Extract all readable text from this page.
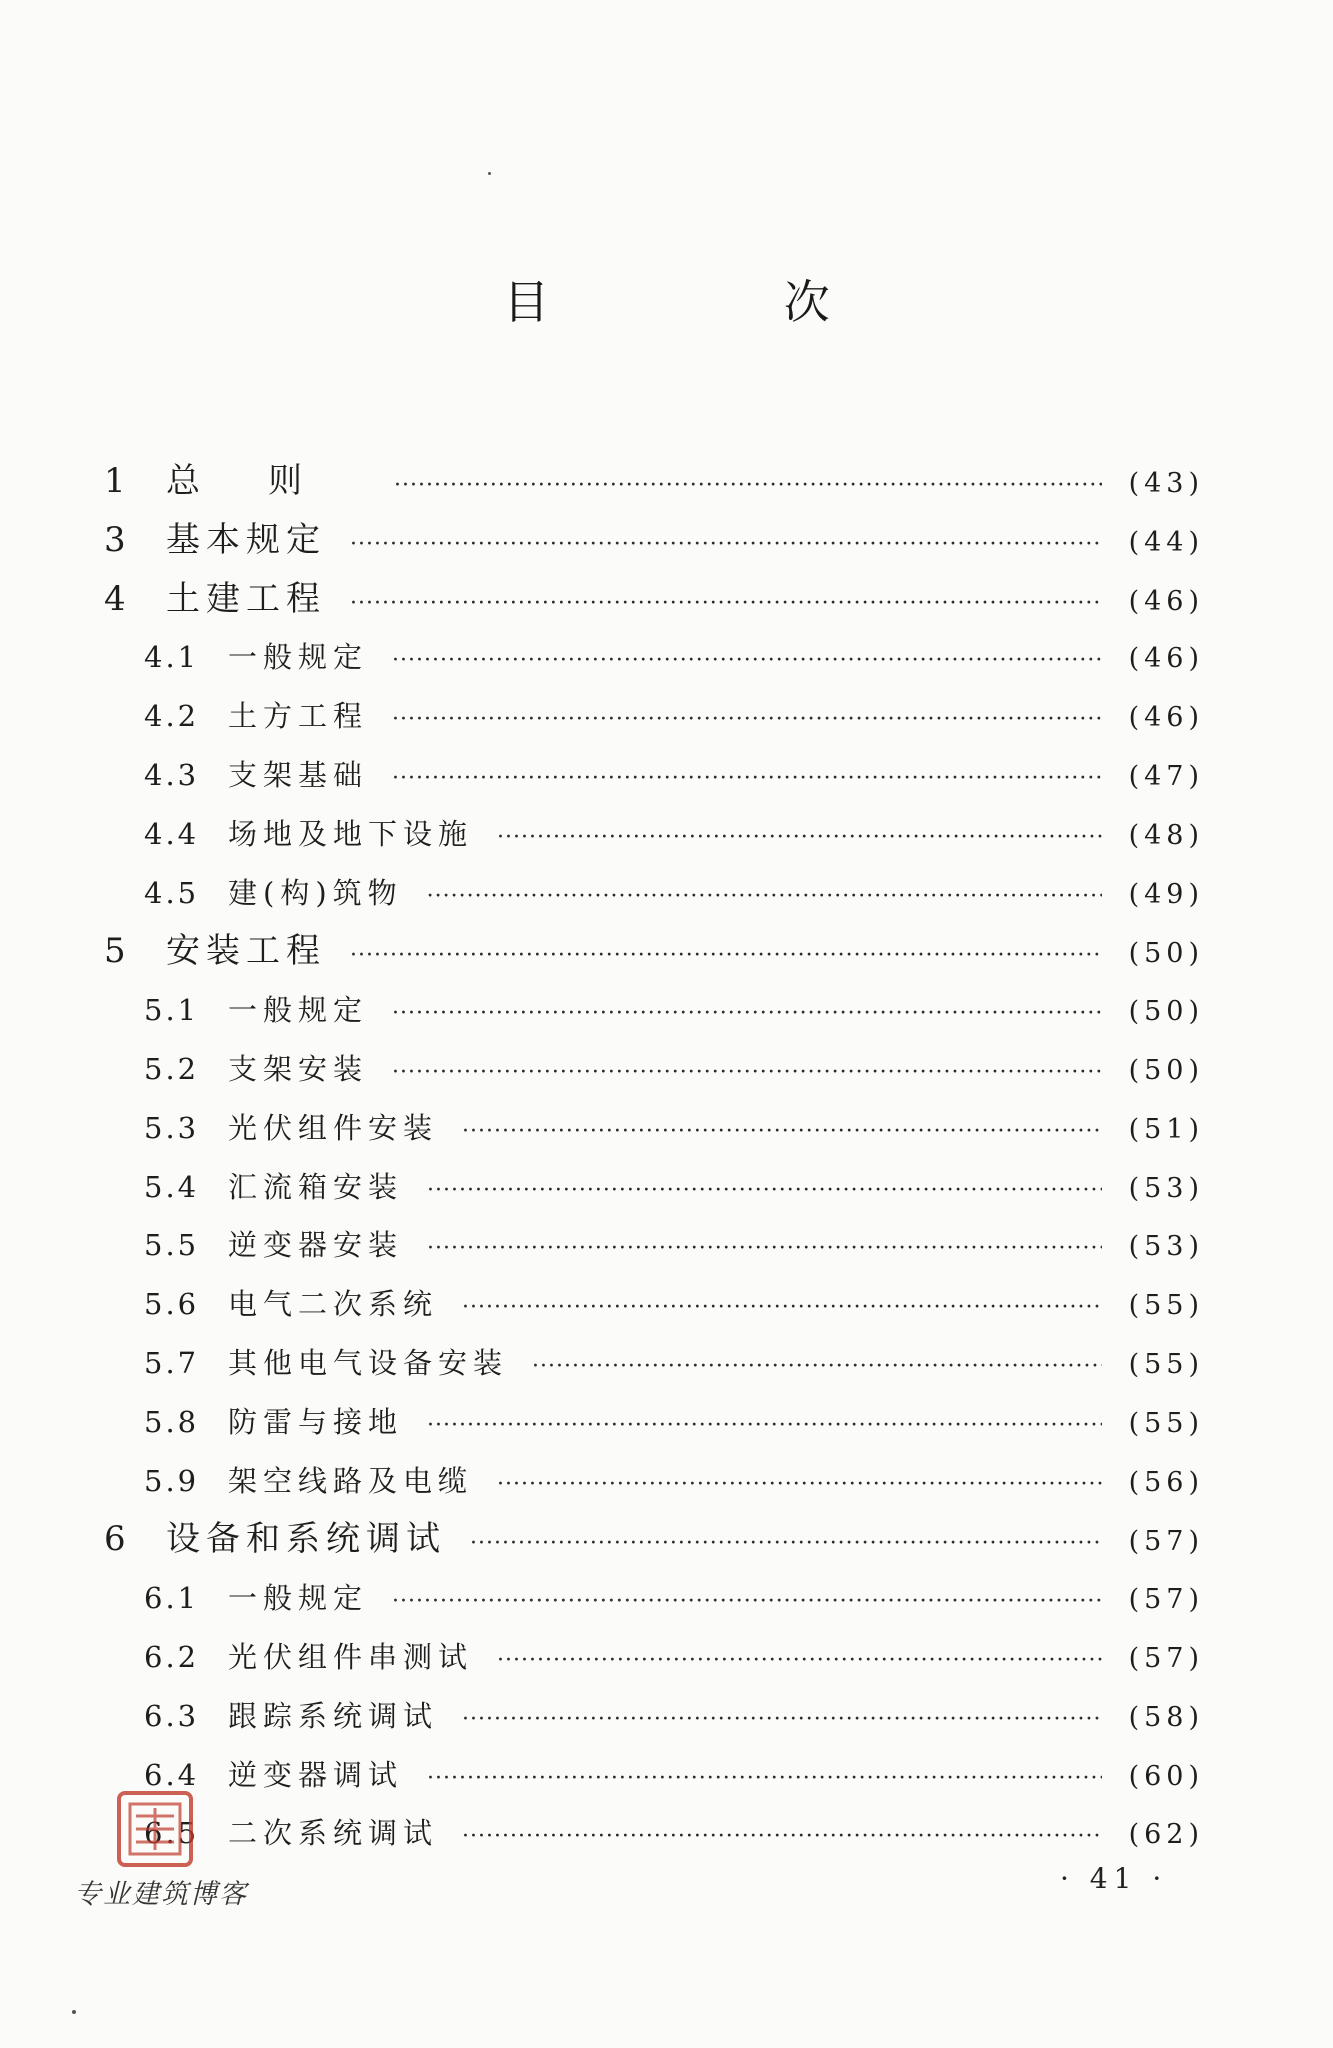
目 次
1	总则 ·····	(43)
3	基本规定 ·····	(44)
4	土建工程 ·····	(46)
4.1 一般规定 ·····	(46)
4.2 土方工程 ·····	(46)
4.3 支架基础 ·····	(47)
4.4 场地及地下设施 ·····	(48)
4.5 建(构)筑物 ·····	(49)
5	安装工程 ·····	(50)
5.1 一般规定 ·····	(50)
5.2 支架安装 ·····	(50)
5.3 光伏组件安装 ·····	(51)
5.4 汇流箱安装 ·····	(53)
5.5 逆变器安装 ·····	(53)
5.6 电气二次系统 ·····	(55)
5.7 其他电气设备安装 ·····	(55)
5.8 防雷与接地 ·····	(55)
5.9 架空线路及电缆 ·····	(56)
6	设备和系统调试 ·····	(57)
6.1 一般规定 ·····	(57)
6.2 光伏组件串测试 ·····	(57)
6.3 跟踪系统调试 ·····	(58)
6.4 逆变器调试 ·····	(60)
6.5 二次系统调试 ·····	(62)
专业建筑博客	· 41 ·
